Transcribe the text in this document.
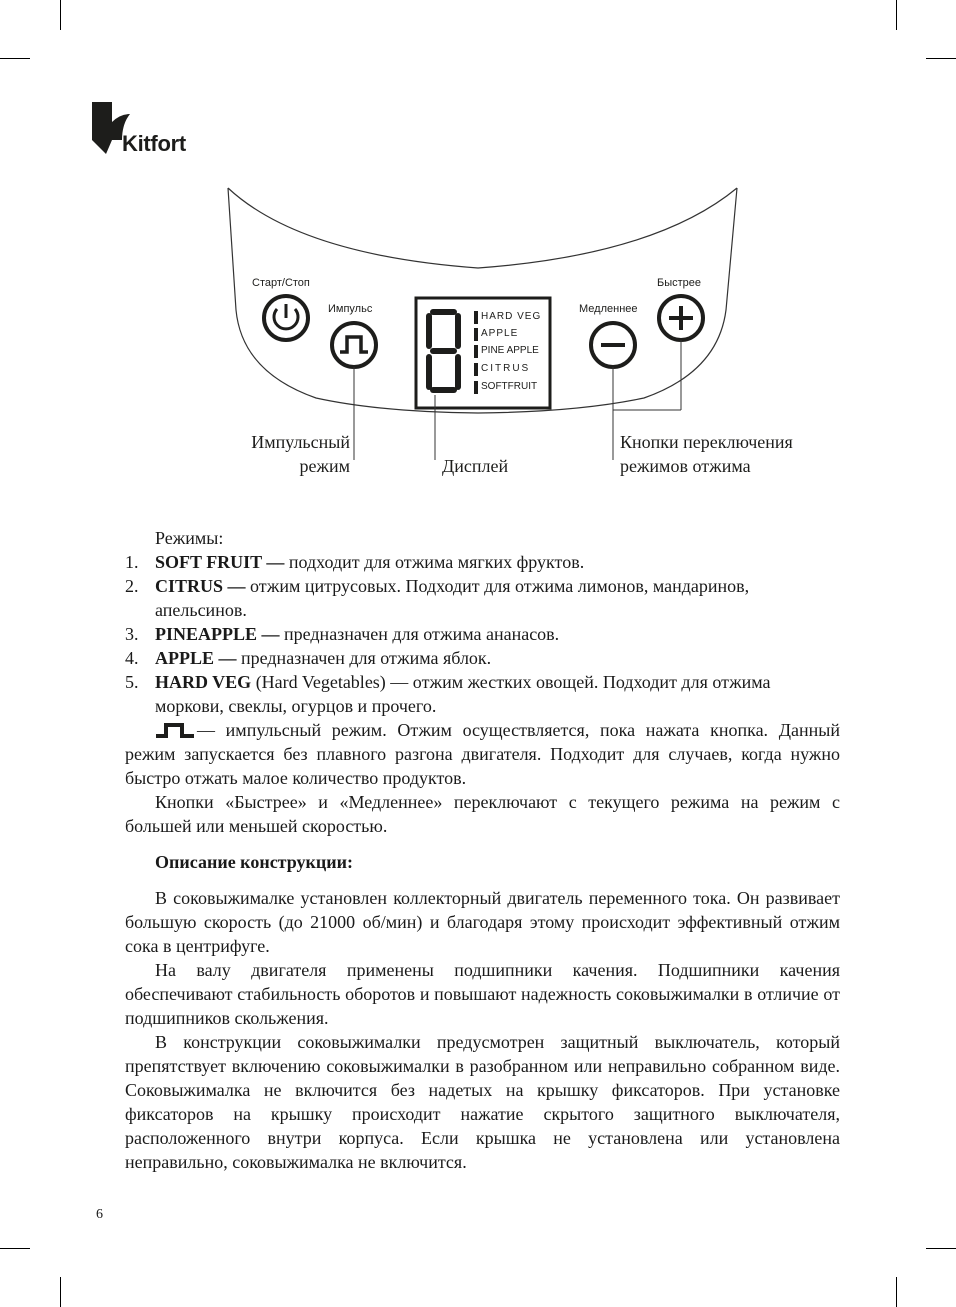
Kitfort
Старт/Стоп
Импульс	Медленнее
Быстрее
HARD VEG
APPLE
PINE APPLE
CITRUS
SOFTFRUIT
Импульсный
режим	Дисплей
Кнопки переключения
режимов отжима

Режимы:

1. SOFT FRUIT — подходит для отжима мягких фруктов.
2. CITRUS — отжим цитрусовых. Подходит для отжима лимонов, мандаринов, апельсинов.
3. PINEAPPLE — предназначен для отжима ананасов.
4. APPLE — предназначен для отжима яблок.
5. HARD VEG (Hard Vegetables) — отжим жестких овощей. Подходит для отжима моркови, свеклы, огурцов и прочего.

— импульсный режим. Отжим осуществляется, пока нажата кнопка. Данный режим запускается без плавного разгона двигателя. Подходит для случаев, когда нужно быстро отжать малое количество продуктов.

Кнопки «Быстрее» и «Медленнее» переключают с текущего режима на режим с большей или меньшей скоростью.

Описание конструкции:

В соковыжималке установлен коллекторный двигатель переменного тока. Он развивает большую скорость (до 21000 об/мин) и благодаря этому происходит эффективный отжим сока в центрифуге.

На валу двигателя применены подшипники качения. Подшипники качения обеспечивают стабильность оборотов и повышают надежность соковыжималки в отличие от подшипников скольжения.

В конструкции соковыжималки предусмотрен защитный выключатель, который препятствует включению соковыжималки в разобранном или неправильно собранном виде. Соковыжималка не включится без надетых на крышку фиксаторов. При установке фиксаторов на крышку происходит нажатие скрытого защитного выключателя, расположенного внутри корпуса. Если крышка не установлена или установлена неправильно, соковыжималка не включится.

6
